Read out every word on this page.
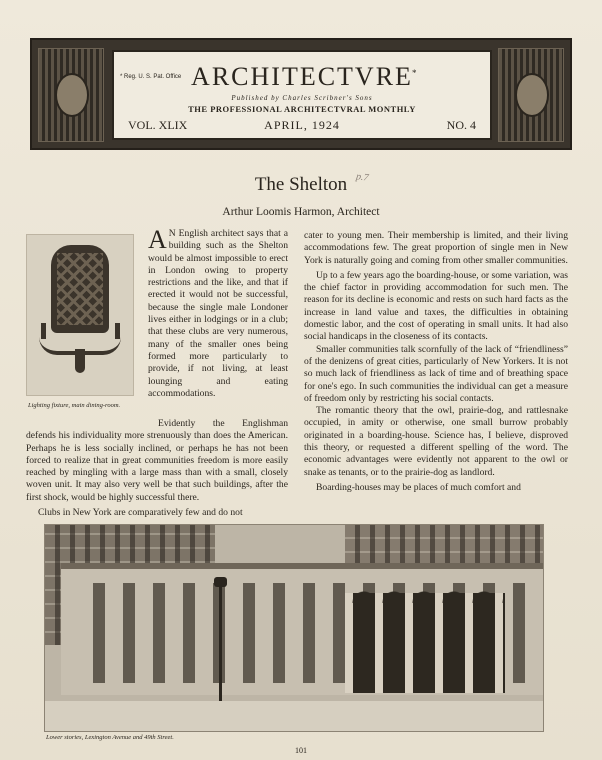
* Reg. U. S. Pat. Office ARCHITECTVRE *
Published by Charles Scribner's Sons
THE PROFESSIONAL ARCHITECTVRAL MONTHLY
VOL. XLIX	APRIL, 1924	NO. 4
The Shelton p.7
Arthur Loomis Harmon, Architect
Lighting fixture, main dining-room.

A N English architect says that a building such as the Shelton would be almost impossible to erect in London owing to property restrictions and the like, and that if erected it would not be successful, because the single male Londoner lives either in lodgings or in a club; that these clubs are very numerous, many of the smaller ones being formed more particularly to provide, if not living, at least lounging and eating accommodations.

Evidently the Englishman defends his individuality more strenuously than does the American. Perhaps he is less socially inclined, or perhaps he has not been forced to realize that in great communities freedom is more easily reached by mingling with a large mass than with a small, closely woven unit. It may also very well be that such buildings, after the first shock, would be highly successful there.

Clubs in New York are comparatively few and do not

cater to young men. Their membership is limited, and their living accommodations few. The great proportion of single men in New York is naturally going and coming from other smaller communities.

Up to a few years ago the boarding-house, or some variation, was the chief factor in providing accommodation for such men. The reason for its decline is economic and rests on such hard facts as the increase in land value and taxes, the difficulties in obtaining domestic labor, and the cost of operating in small units. It had also social handicaps in the closeness of its contacts.

Smaller communities talk scornfully of the lack of “friendliness” of the denizens of great cities, particularly of New Yorkers. It is not so much lack of friendliness as lack of time and of breathing space for one's ego. In such communities the individual can get a measure of freedom only by restricting his social contacts.

The romantic theory that the owl, prairie-dog, and rattlesnake occupied, in amity or otherwise, one small burrow probably originated in a boarding-house. Science has, I believe, disproved this theory, or requested a different spelling of the word. The economic advantages were evidently not apparent to the owl or snake as tenants, or to the prairie-dog as landlord.

Boarding-houses may be places of much comfort and

Lower stories, Lexington Avenue and 49th Street.
101
